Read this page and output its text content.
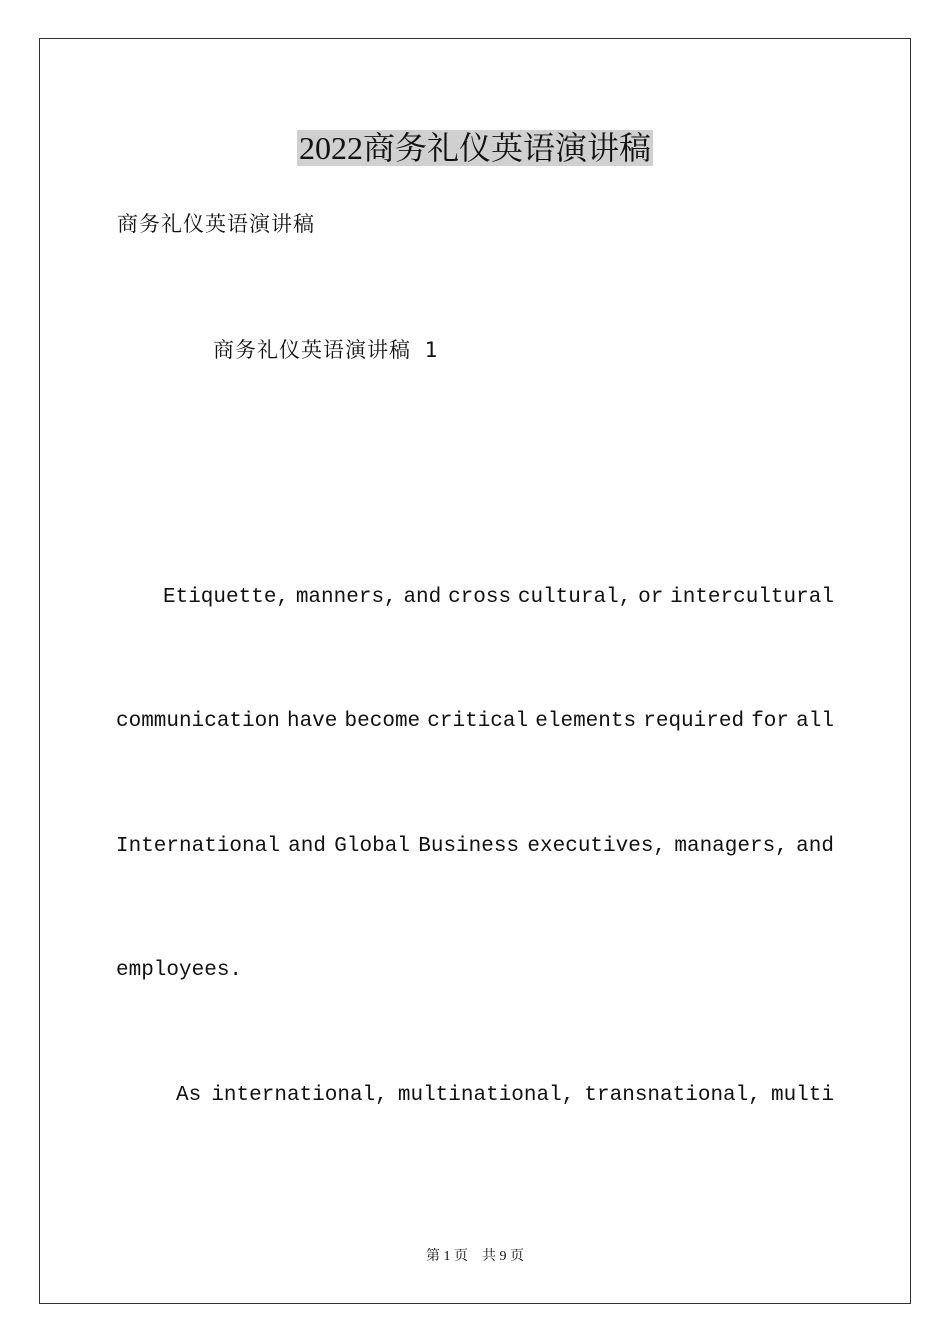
2022商务礼仪英语演讲稿
商务礼仪英语演讲稿
商务礼仪英语演讲稿 1
Etiquette, manners, and cross cultural, or intercultural
communication have become critical elements required for all
International and Global Business executives, managers, and
employees.
As international, multinational, transnational, multi
第 1 页　共 9 页
